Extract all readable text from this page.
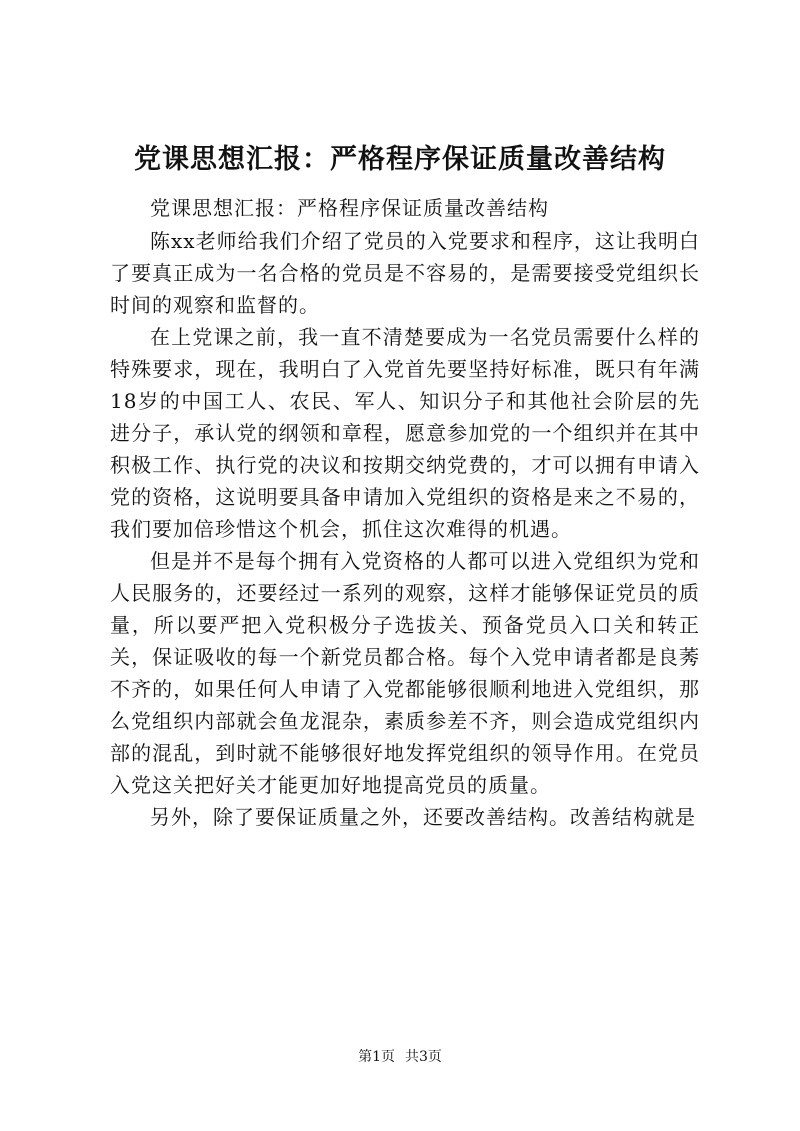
党课思想汇报：严格程序保证质量改善结构

党课思想汇报：严格程序保证质量改善结构

陈xx老师给我们介绍了党员的入党要求和程序，这让我明白了要真正成为一名合格的党员是不容易的，是需要接受党组织长时间的观察和监督的。

在上党课之前，我一直不清楚要成为一名党员需要什么样的特殊要求，现在，我明白了入党首先要坚持好标准，既只有年满18岁的中国工人、农民、军人、知识分子和其他社会阶层的先进分子，承认党的纲领和章程，愿意参加党的一个组织并在其中积极工作、执行党的决议和按期交纳党费的，才可以拥有申请入党的资格，这说明要具备申请加入党组织的资格是来之不易的，我们要加倍珍惜这个机会，抓住这次难得的机遇。

但是并不是每个拥有入党资格的人都可以进入党组织为党和人民服务的，还要经过一系列的观察，这样才能够保证党员的质量，所以要严把入党积极分子选拔关、预备党员入口关和转正关，保证吸收的每一个新党员都合格。每个入党申请者都是良莠不齐的，如果任何人申请了入党都能够很顺利地进入党组织，那么党组织内部就会鱼龙混杂，素质参差不齐，则会造成党组织内部的混乱，到时就不能够很好地发挥党组织的领导作用。在党员入党这关把好关才能更加好地提高党员的质量。

另外，除了要保证质量之外，还要改善结构。改善结构就是

第1页 共3页
